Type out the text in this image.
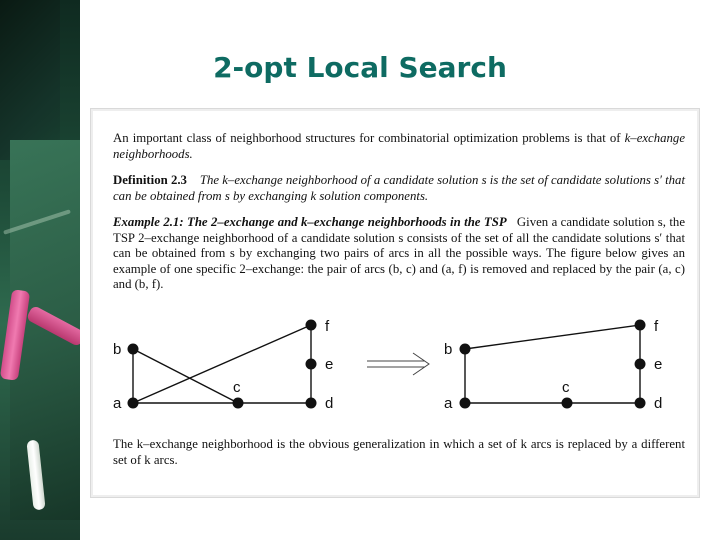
2-opt Local Search

An important class of neighborhood structures for combinatorial optimization problems is that of k–exchange neighborhoods.

Definition 2.3 The k–exchange neighborhood of a candidate solution s is the set of candidate solutions s′ that can be obtained from s by exchanging k solution components.

Example 2.1: The 2–exchange and k–exchange neighborhoods in the TSP Given a candidate solution s, the TSP 2–exchange neighborhood of a candidate solution s consists of the set of all the candidate solutions s′ that can be obtained from s by exchanging two pairs of arcs in all the possible ways. The figure below gives an example of one specific 2–exchange: the pair of arcs (b, c) and (a, f) is removed and replaced by the pair (a, c) and (b, f).

a
b
c
d
e
f
a
b
c
d
e
f

The k–exchange neighborhood is the obvious generalization in which a set of k arcs is replaced by a different set of k arcs.
